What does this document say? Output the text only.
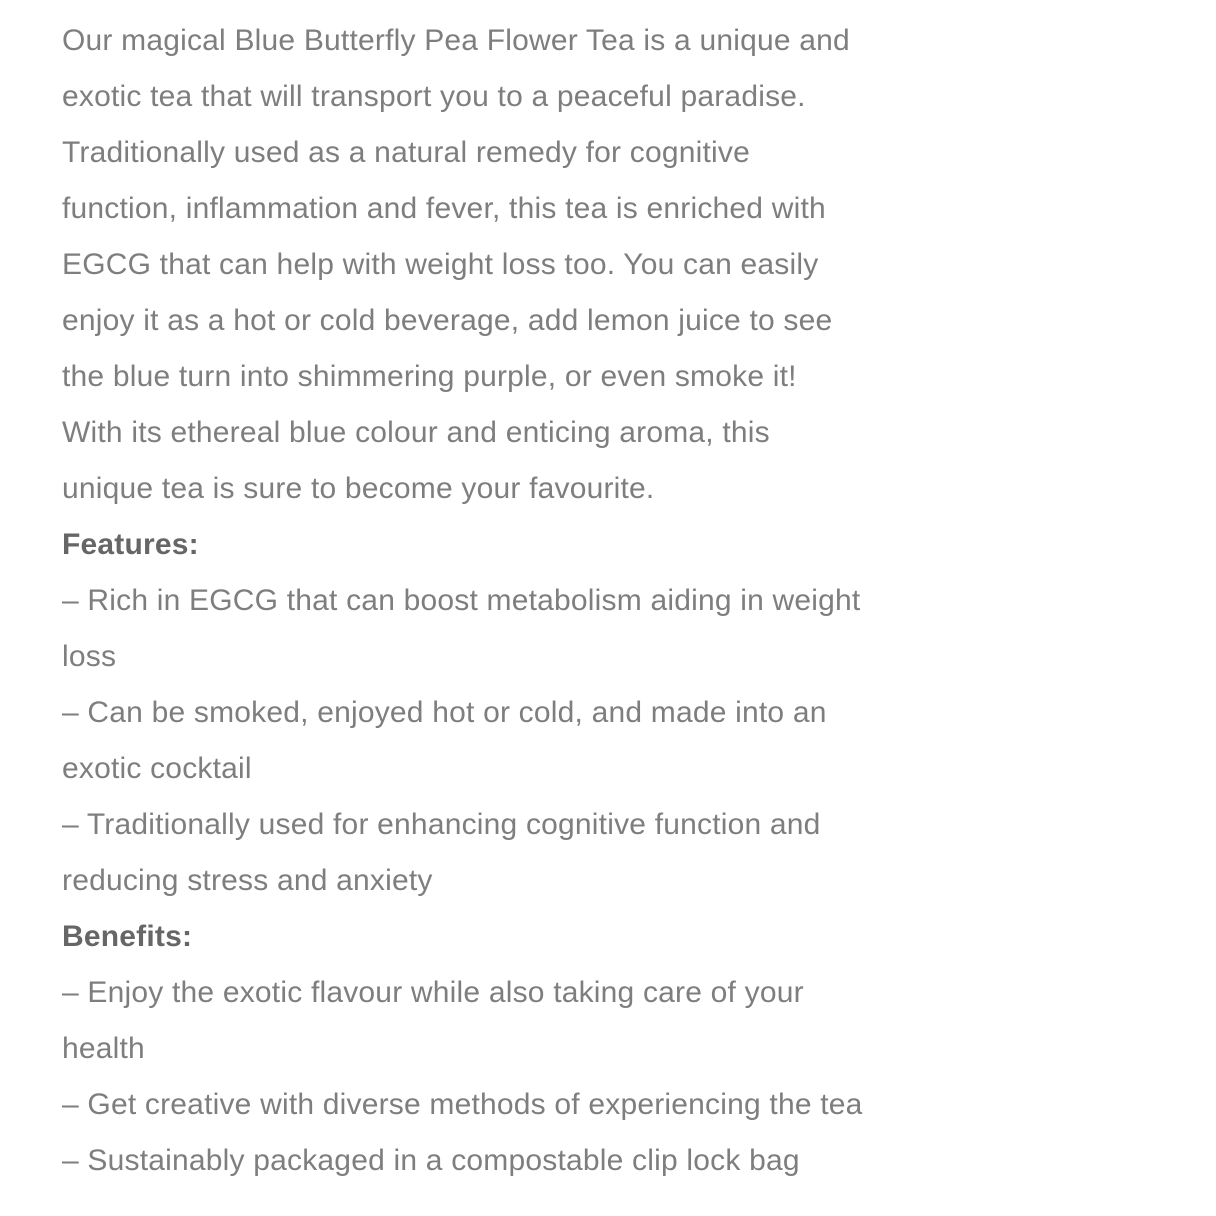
Our magical Blue Butterfly Pea Flower Tea is a unique and
exotic tea that will transport you to a peaceful paradise.
Traditionally used as a natural remedy for cognitive
function, inflammation and fever, this tea is enriched with
EGCG that can help with weight loss too. You can easily
enjoy it as a hot or cold beverage, add lemon juice to see
the blue turn into shimmering purple, or even smoke it!
With its ethereal blue colour and enticing aroma, this
unique tea is sure to become your favourite.
Features:
– Rich in EGCG that can boost metabolism aiding in weight
loss
– Can be smoked, enjoyed hot or cold, and made into an
exotic cocktail
– Traditionally used for enhancing cognitive function and
reducing stress and anxiety
Benefits:
– Enjoy the exotic flavour while also taking care of your
health
– Get creative with diverse methods of experiencing the tea
– Sustainably packaged in a compostable clip lock bag
